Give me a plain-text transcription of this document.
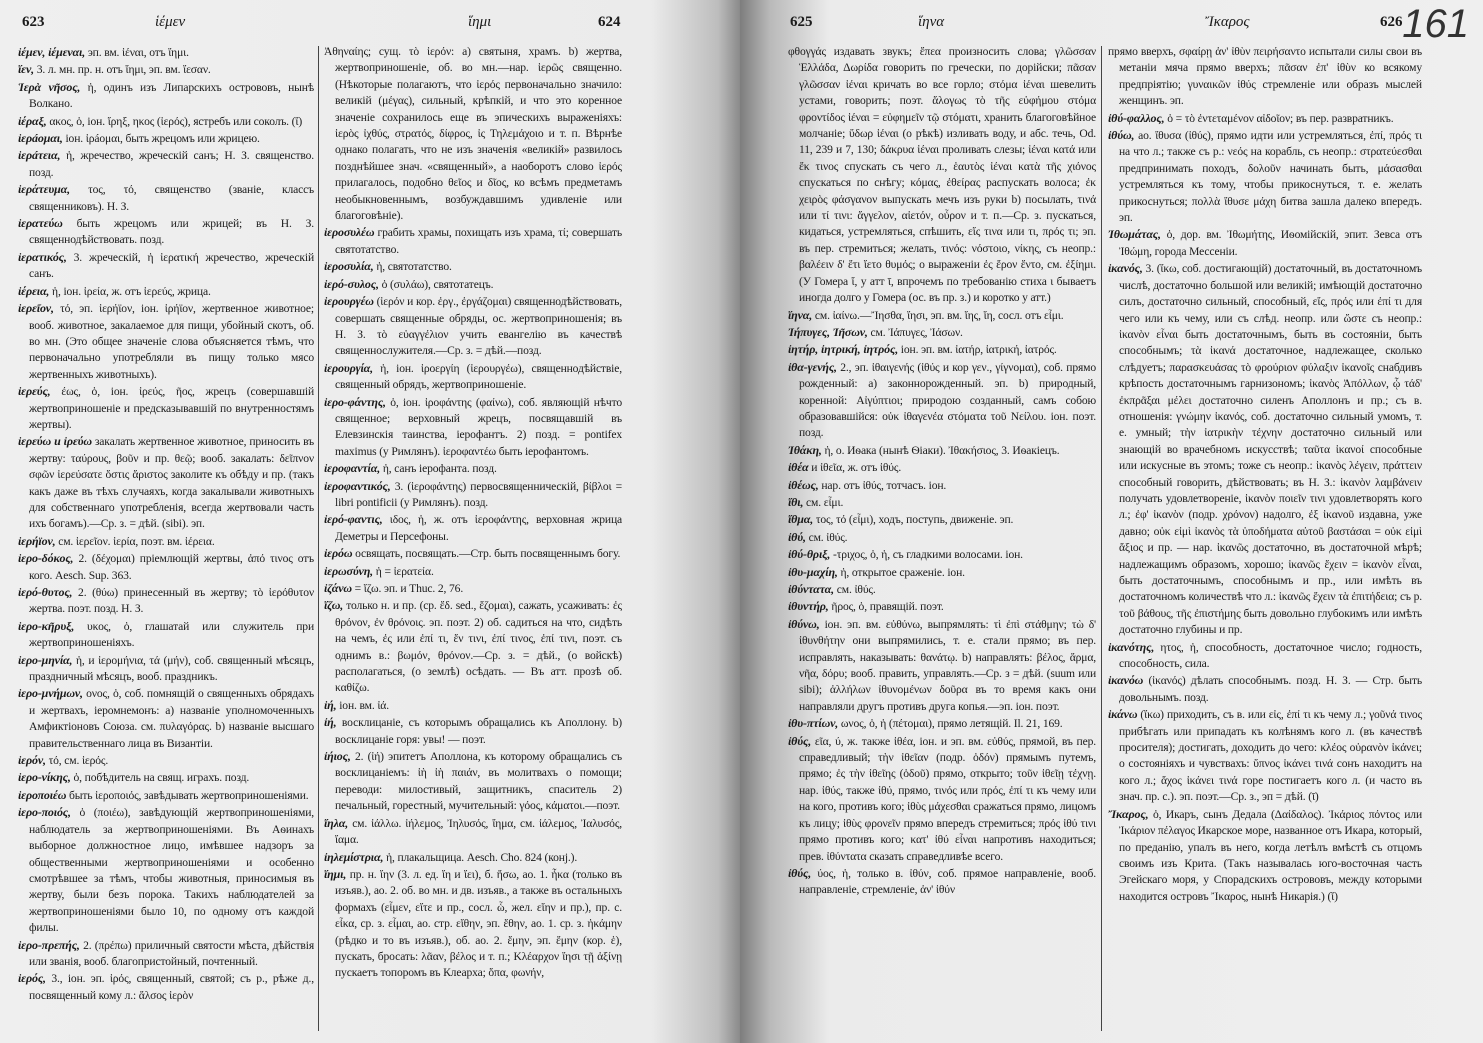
623	ἱέμεν	ἵημι	624

ἱέμεν, ἱέμεναι, эп. вм. ἱέναι, отъ ἵημι.

ἵεν, 3. л. мн. пр. н. отъ ἵημι, эп. вм. ἵεσαν.

Ἱερὰ νῆσος, ἡ, одинъ изъ Липарскихъ острововъ, нынѣ Волкано.

ἱέραξ, ακος, ὁ, іон. ἴρηξ, ηκος (ἱερός), ястребъ или соколъ. (ἴ)

ἱερáομαι, іон. ἱρáομαι, быть жрецомъ или жрицею.

ἱερáτεια, ἡ, жречество, жреческій санъ; Н. З. священство. позд.

ἱεράτευμα, τος, τό, священство (званіе, классъ священниковъ). Н. З.

ἱερατεύω быть жрецомъ или жрицей; въ Н. З. священнодѣйствовать. позд.

ἱερατικός, 3. жреческій, ἡ ἱερατική жречество, жреческій санъ.

ἱέρεια, ἡ, іон. ἱρεία, ж. отъ ἱερεύς, жрица.

ἱερεῖον, τό, эп. ἱερήϊον, іон. ἱρήϊον, жертвенное животное; вооб. животное, закалаемое для пищи, убойный скотъ, об. во мн. (Это общее значеніе слова объясняется тѣмъ, что первоначально употребляли въ пищу только мясо жертвенныхъ животныхъ).

ἱερεύς, έως, ὁ, іон. ἱρεύς, ῆος, жрецъ (совершавшій жертвоприношеніе и предсказывавшій по внутренностямъ жертвы).

ἱερεύω и ἱρεύω закалать жертвенное животное, приносить въ жертву: ταύρους, βοῦν и пр. θεῷ; вооб. закалать: δεῖπνον σφῶν ἱερεύσατε ὅστις ἄριστος заколите къ обѣду и пр. (такъ какъ даже въ тѣхъ случаяхъ, когда закалывали животныхъ для собственнаго употребленія, всегда жертвовали часть ихъ богамъ).—Ср. з. = дѣй. (sibi). эп.

ἱερήϊον, см. ἱερεῖον. ἱερία, поэт. вм. ἱέρεια.

ἱερο-δόκος, 2. (δέχομαι) пріемлющій жертвы, ἀπό τινος отъ кого. Aesch. Sup. 363.

ἱερό-θυτος, 2. (θύω) принесенный въ жертву; τὸ ἱερόθυτον жертва. поэт. позд. Н. З.

ἱερο-κῆρυξ, υκος, ὁ, глашатай или служитель при жертвоприношеніяхъ.

ἱερο-μηνία, ἡ, и ἱερομήνια, τά (μήν), соб. священный мѣсяцъ, праздничный мѣсяцъ, вооб. праздникъ.

ἱερο-μνήμων, ονος, ὁ, соб. помнящій о священныхъ обрядахъ и жертвахъ, іеромнемонъ: a) названіе уполномоченныхъ Амфиктіоновъ Союза. см. πυλαγόρας. b) названіе высшаго правительственнаго лица въ Византіи.

ἱερόν, τό, см. ἱερός.

ἱερο-νίκης, ὁ, побѣдитель на свящ. играхъ. позд.

ἱεροποιέω быть ἱεροποιός, завѣдывать жертвоприношеніями.

ἱερο-ποιός, ὁ (ποιέω), завѣдующій жертвоприношеніями, наблюдатель за жертвоприношеніями. Въ Аѳинахъ выборное должностное лицо, имѣвшее надзоръ за общественными жертвоприношеніями и особенно смотрѣвшее за тѣмъ, чтобы животныя, приносимыя въ жертву, были безъ порока. Такихъ наблюдателей за жертвоприношеніями было 10, по одному отъ каждой филы.

ἱερο-πρεπής, 2. (πρέπω) приличный святости мѣста, дѣйствія или званія, вооб. благопристойный, почтенный.

ἱερός, 3., іон. эп. ἱρός, священный, святой; съ р., рѣже д., посвященный кому л.: ἄλσος ἱερὸν

Ἀθηναίης; сущ. τὸ ἱερόν: a) святыня, храмъ. b) жертва, жертвоприношеніе, об. во мн.—нар. ἱερῶς священно. (Нѣкоторые полагаютъ, что ἱερός первоначально значило: великій (μέγας), сильный, крѣпкій, и что это коренное значеніе сохранилось еще въ эпическихъ выраженіяхъ: ἱερὸς ἰχθύς, στρατός, δίφρος, ἱς Τηλεμάχοιο и т. п. Вѣрнѣе однако полагать, что не изъ значенія «великій» развилось позднѣйшее знач. «священный», а наоборотъ слово ἱερός прилагалось, подобно θεῖος и δῖος, ко всѣмъ предметамъ необыкновеннымъ, возбуждавшимъ удивленіе или благоговѣніе).

ἱεροσυλέω грабить храмы, похищать изъ храма, τί; совершать святотатство.

ἱεροσυλία, ἡ, святотатство.

ἱερό-συλος, ὁ (συλάω), святотатецъ.

ἱερουργέω (ἱερόν и кор. ἐργ., ἐργάζομαι) священнодѣйствовать, совершать священные обряды, ос. жертвоприношенія; въ Н. З. τὸ εὐαγγέλιον учить евангелію въ качествѣ священнослужителя.—Ср. з. = дѣй.—позд.

ἱερουργία, ἡ, іон. ἱροεργίη (ἱερουργέω), священнодѣйствіе, священный обрядъ, жертвоприношеніе.

ἱερο-φάντης, ὁ, іон. ἱροφάντης (φαίνω), соб. являющій нѣчто священное; верховный жрецъ, посвящавшій въ Елевзинскія таинства, іерофантъ. 2) позд. = pontifex maximus (у Римлянъ). ἱεροφαντέω быть іерофантомъ.

ἱεροφαντία, ἡ, санъ іерофанта. позд.

ἱεροφαντικός, 3. (ἱεροφάντης) первосвященническій, βίβλοι = libri pontificii (у Римлянъ). позд.

ἱερό-φαντις, ιδος, ἡ, ж. отъ ἱεροφάντης, верховная жрица Деметры и Персефоны.

ἱερόω освящать, посвящать.—Стр. быть посвященнымъ богу.

ἱερωσύνη, ἡ = ἱερατεία.

ἱζάνω = ἵζω. эп. и Thuc. 2, 76.

ἵζω, только н. и пр. (ср. ἕδ. sed., ἕζομαι), сажать, усаживать: ἐς θρόνον, ἐν θρόνοις. эп. поэт. 2) об. садиться на что, сидѣть на чемъ, ἐς или ἐπί τι, ἔν τινι, ἐπί τινος, ἐπί τινι, поэт. съ однимъ в.: βωμόν, θρόνον.—Ср. з. = дѣй., (о войскѣ) располагаться, (о землѣ) осѣдать. — Въ атт. прозѣ об. καθίζω.

ἱή, іон. вм. ἰά.

ἰή, восклицаніе, съ которымъ обращались къ Аполлону. b) восклицаніе горя: увы! — поэт.

ἰήιος, 2. (ἰή) эпитетъ Аполлона, къ которому обращались съ восклицаніемъ: ἰὴ ἰὴ παιάν, въ молитвахъ о помощи; переводи: милостивый, защитникъ, спаситель 2) печальный, горестный, мучительный: γόος, κάματοι.—поэт.

ἴηλα, см. ἰάλλω. ἰήλεμος, Ἰηλυσός, ἴημα, см. ἰάλεμος, Ἰαλυσός, ἴαμα.

ἰηλεμίστρια, ἡ, плакальщица. Aesch. Cho. 824 (конj.).

ἵημι, пр. н. ἵην (3. л. ед. ἵη и ἵει), б. ἥσω, ао. 1. ἧκα (только въ изъяв.), ао. 2. об. во мн. и дв. изъяв., а также въ остальныхъ формахъ (εἷμεν, εἵτε и пр., сосл. ὧ, жел. εἵην и пр.), пр. с. εἶκα, ср. з. εἷμαι, ао. стр. εἵθην, эп. ἕθην, ао. 1. ср. з. ἡκάμην (рѣдко и то въ изъяв.), об. ао. 2. ἕμην, эп. ἕμην (кор. ἑ), пускать, бросать: λᾶαν, βέλος и т. п.; Κλέαρχον ἵησι τῇ ἀξίνῃ пускаетъ топоромъ въ Клеарха; ὄπα, φωνήν,

625	ἵηνα	Ἴκαρος	626 161

φθογγάς издавать звукъ; ἔπεα произносить слова; γλῶσσαν Ἑλλάδα, Δωρίδα говорить по гречески, по дорійски; πᾶσαν γλῶσσαν ἱέναι кричать во все горло; στόμα ἱέναι шевелить устами, говорить; поэт. ἄλογως τὸ τῆς εὐφήμου στόμα φροντίδος ἱέναι = εὐφημεῖν τῷ στόματι, хранить благоговѣйное молчаніе; ὕδωρ ἱέναι (о рѣкѣ) изливать воду, и абс. течь, Od. 11, 239 и 7, 130; δάκρυα ἱέναι проливать слезы; ἱέναι κατά или ἔκ τινος спускать съ чего л., ἑαυτὸς ἱέναι κατὰ τῆς χιόνος спускаться по снѣгу; κόμας, ἐθείρας распускать волоса; ἐκ χειρὸς φάσγανον выпускать мечъ изъ руки b) посылать, τινά или τί τινι: ἄγγελον, αἰετόν, οὖρον и т. п.—Ср. з. пускаться, кидаться, устремляться, спѣшить, εἴς τινα или τι, πρός τι; эп. въ пер. стремиться; желать, τινός: νόστοιο, νίκης, съ неопр.: βαλέειν δ' ἔτι ἵετο θυμός; о выраженіи ἐς ἔρον ἕντο, см. ἐξίημι. (У Гомера ἴ, у атт ῑ, впрочемъ по требованію стиха ι бываетъ иногда долго у Гомера (ос. въ пр. з.) и коротко у атт.)

ἵηνα, см. ἰαίνω.—Ἴησθα, ἵησι, эп. вм. ἵης, ἵη, сосл. отъ εἶμι.

Ἰήπυγες, Ἰῆσων, см. Ἰάπυγες, Ἰάσων.

ἰητήρ, ἰητρική, ἰητρός, іон. эп. вм. ἰατήρ, ἰατρική, ἰατρός.

ἰθα-γενής, 2., эп. ἰθαιγενής (ἰθύς и кор γεν., γίγνομαι), соб. прямо рожденный: a) законнорожденный. эп. b) природный, коренной: Αἰγύπτιοι; природою созданный, самъ собою образовавшійся: οὐκ ἰθαγενέα στόματα τοῦ Νείλου. іон. поэт. позд.

Ἰθάκη, ἡ, о. Иѳака (нынѣ Ѳіаки). Ἰθακήσιος, 3. Иѳакіецъ.

ἰθέα и ἰθεῖα, ж. отъ ἰθύς.

ἰθέως, нар. отъ ἰθύς, тотчасъ. іон.

ἴθι, см. εἶμι.

ἴθμα, τος, τό (εἶμι), ходъ, поступь, движеніе. эп.

ἰθύ, см. ἰθύς.

ἰθύ-θριξ, -τριχος, ὁ, ἡ, съ гладкими волосами. іон.

ἰθυ-μαχίη, ἡ, открытое сраженіе. іон.

ἰθύντατα, см. ἰθύς.

ἰθυντήρ, ῆρος, ὁ, правящій. поэт.

ἰθύνω, іон. эп. вм. εὐθύνω, выпрямлять: τὶ ἐπὶ στάθμην; τὼ δ' ἰθυνθήτην они выпрямились, т. е. стали прямо; въ пер. исправлять, наказывать: θανάτῳ. b) направлять: βέλος, ἅρμα, νῆα, δόρυ; вооб. править, управлять.—Ср. з = дѣй. (suum или sibi); ἀλλήλων ἰθυνομένων δοῦρα въ то время какъ они направляли другъ противъ друга копья.—эп. іон. поэт.

ἰθυ-πτίων, ωνος, ὁ, ἡ (πέτομαι), прямо летящій. Il. 21, 169.

ἰθύς, εῖα, ύ, ж. также ἰθέα, іон. и эп. вм. εὐθύς, прямой, въ пер. справедливый; τὴν ἰθεῖαν (подр. ὁδόν) прямымъ путемъ, прямо; ἐς τὴν ἰθεῖης (ὁδοῦ) прямо, открыто; τοῦν ἰθεῖῃ τέχνῃ. нар. ἰθύς, также ἰθύ, прямо, τινός или πρός, ἐπί τι къ чему или на кого, противъ кого; ἰθὺς μάχεσθαι сражаться прямо, лицомъ къ лицу; ἰθὺς φρονεῖν прямо впередъ стремиться; πρός ἰθύ τινι прямо противъ кого; κατ' ἰθύ εἶναι напротивъ находиться; прев. ἰθύντατα сказать справедливѣе всего.

ἰθύς, ύος, ἡ, только в. ἰθύν, соб. прямое направленіе, вооб. направленіе, стремленіе, ἀν' ἰθύν

прямо вверхъ, σφαίρῃ ἀν' ἰθὺν πειρήσαντο испытали силы свои въ метаніи мяча прямо вверхъ; πᾶσαν ἐπ' ἰθὺν ко всякому предпріятію; γυναικῶν ἰθύς стремленіе или образъ мыслей женщинъ. эп.

ἰθύ-φαλλος, ὁ = τὸ ἐντεταμένον αἰδοῖον; въ пер. развратникъ.

ἰθύω, ао. ἴθυσα (ἰθύς), прямо идти или устремляться, ἐπί, πρός τι на что л.; также съ р.: νεός на корабль, съ неопр.: στρατεύεσθαι предпринимать походъ, δολοῦν начинать быть, μάσασθαι устремляться къ тому, чтобы прикоснуться, т. е. желать прикоснуться; πολλὰ ἴθυσε μάχη битва зашла далеко впередъ. эп.

Ἰθωμάτας, ὁ, дор. вм. Ἰθωμήτης, Иѳомійскій, эпит. Зевса отъ Ἰθώμη, города Мессеніи.

ἱκανός, 3. (ἵκω, соб. достигающій) достаточный, въ достаточномъ числѣ, достаточно большой или великій; имѣющій достаточно силъ, достаточно сильный, способный, εἴς, πρός или ἐπί τι для чего или къ чему, или съ слѣд. неопр. или ὥστε съ неопр.: ἱκανὸν εἶναι быть достаточнымъ, быть въ состояніи, быть способнымъ; τὰ ἱκανά достаточное, надлежащее, сколько слѣдуетъ; παρασκευάσας τὸ φρούριον φύλαξιν ἱκανοῖς снабдивъ крѣпость достаточнымъ гарнизономъ; ἱκανὸς Ἀπόλλων, ᾧ τάδ' ἐκπρᾶξαι μέλει достаточно силенъ Аполлонъ и пр.; съ в. отношенія: γνώμην ἱκανός, соб. достаточно сильный умомъ, т. е. умный; τὴν ἰατρικὴν τέχνην достаточно сильный или знающій во врачебномъ искусствѣ; ταῦτα ἱκανοί способные или искусные въ этомъ; тоже съ неопр.: ἱκανὸς λέγειν, πράττειν способный говорить, дѣйствовать; въ Н. З.: ἱκανὸν λαμβάνειν получать удовлетвореніе, ἱκανὸν ποιεῖν τινι удовлетворять кого л.; ἐφ' ἱκανὸν (подр. χρόνον) надолго, ἐξ ἱκανοῦ издавна, уже давно; οὐκ εἰμὶ ἱκανὸς τὰ ὑποδήματα αὐτοῦ βαστάσαι = οὐκ εἰμὶ ἄξιος и пр. — нар. ἱκανῶς достаточно, въ достаточной мѣрѣ; надлежащимъ образомъ, хорошо; ἱκανῶς ἔχειν = ἱκανὸν εἶναι, быть достаточнымъ, способнымъ и пр., или имѣть въ достаточномъ количествѣ что л.: ἱκανῶς ἔχειν τὰ ἐπιτήδεια; съ р. τοῦ βάθους, τῆς ἐπιστήμης быть довольно глубокимъ или имѣть достаточно глубины и пр.

ἱκανότης, ητος, ἡ, способность, достаточное число; годность, способность, сила.

ἱκανόω (ἱκανός) дѣлать способнымъ. позд. Н. З. — Стр. быть довольнымъ. позд.

ἱκάνω (ἵκω) приходить, съ в. или εἰς, ἐπί τι къ чему л.; γοῦνά τινος прибѣгать или припадать къ колѣнямъ кого л. (въ качествѣ просителя); достигать, доходить до чего: κλέος οὐρανὸν ἱκάνει; о состояніяхъ и чувствахъ: ὕπνος ἱκάνει τινά сонъ находитъ на кого л.; ἄχος ἱκάνει τινά горе постигаетъ кого л. (и часто въ знач. пр. с.). эп. поэт.—Ср. з., эп = дѣй. (ῑ)

Ἴκαρος, ὁ, Икаръ, сынъ Дедала (Δαίδαλος). Ἰκάριος πόντος или Ἰκάριον πέλαγος Икарское море, названное отъ Икара, который, по преданію, упалъ въ него, когда летѣлъ вмѣстѣ съ отцомъ своимъ изъ Крита. (Такъ называлась юго-восточная часть Эгейскаго моря, у Спорадскихъ острововъ, между которыми находится островъ Ἴκαρος, нынѣ Никарія.) (ῐ)
